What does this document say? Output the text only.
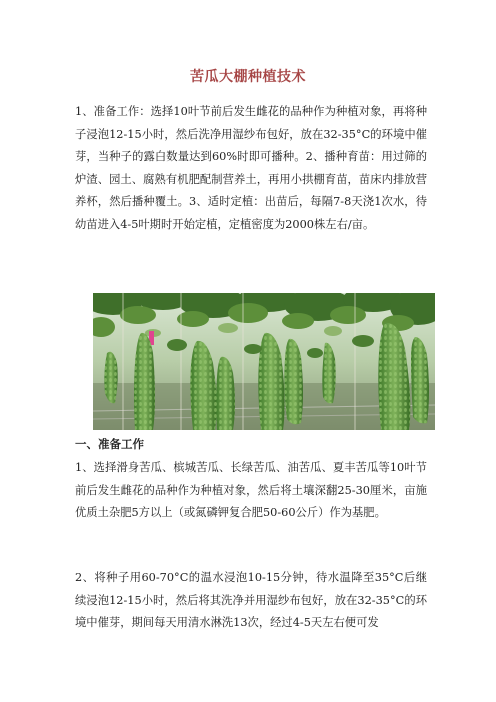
苦瓜大棚种植技术

1、准备工作：选择10叶节前后发生雌花的品种作为种植对象，再将种子浸泡12-15小时，然后洗净用湿纱布包好，放在32-35°C的环境中催芽，当种子的露白数量达到60%时即可播种。2、播种育苗：用过筛的炉渣、园土、腐熟有机肥配制营养土，再用小拱棚育苗，苗床内排放营养杯，然后播种覆土。3、适时定植：出苗后，每隔7-8天浇1次水，待幼苗进入4-5叶期时开始定植，定植密度为2000株左右/亩。

一、准备工作

1、选择滑身苦瓜、槟城苦瓜、长绿苦瓜、油苦瓜、夏丰苦瓜等10叶节前后发生雌花的品种作为种植对象，然后将土壤深翻25-30厘米，亩施优质土杂肥5方以上（或氮磷钾复合肥50-60公斤）作为基肥。

2、将种子用60-70°C的温水浸泡10-15分钟，待水温降至35°C后继续浸泡12-15小时，然后将其洗净并用湿纱布包好，放在32-35°C的环境中催芽，期间每天用清水淋洗13次，经过4-5天左右便可发
